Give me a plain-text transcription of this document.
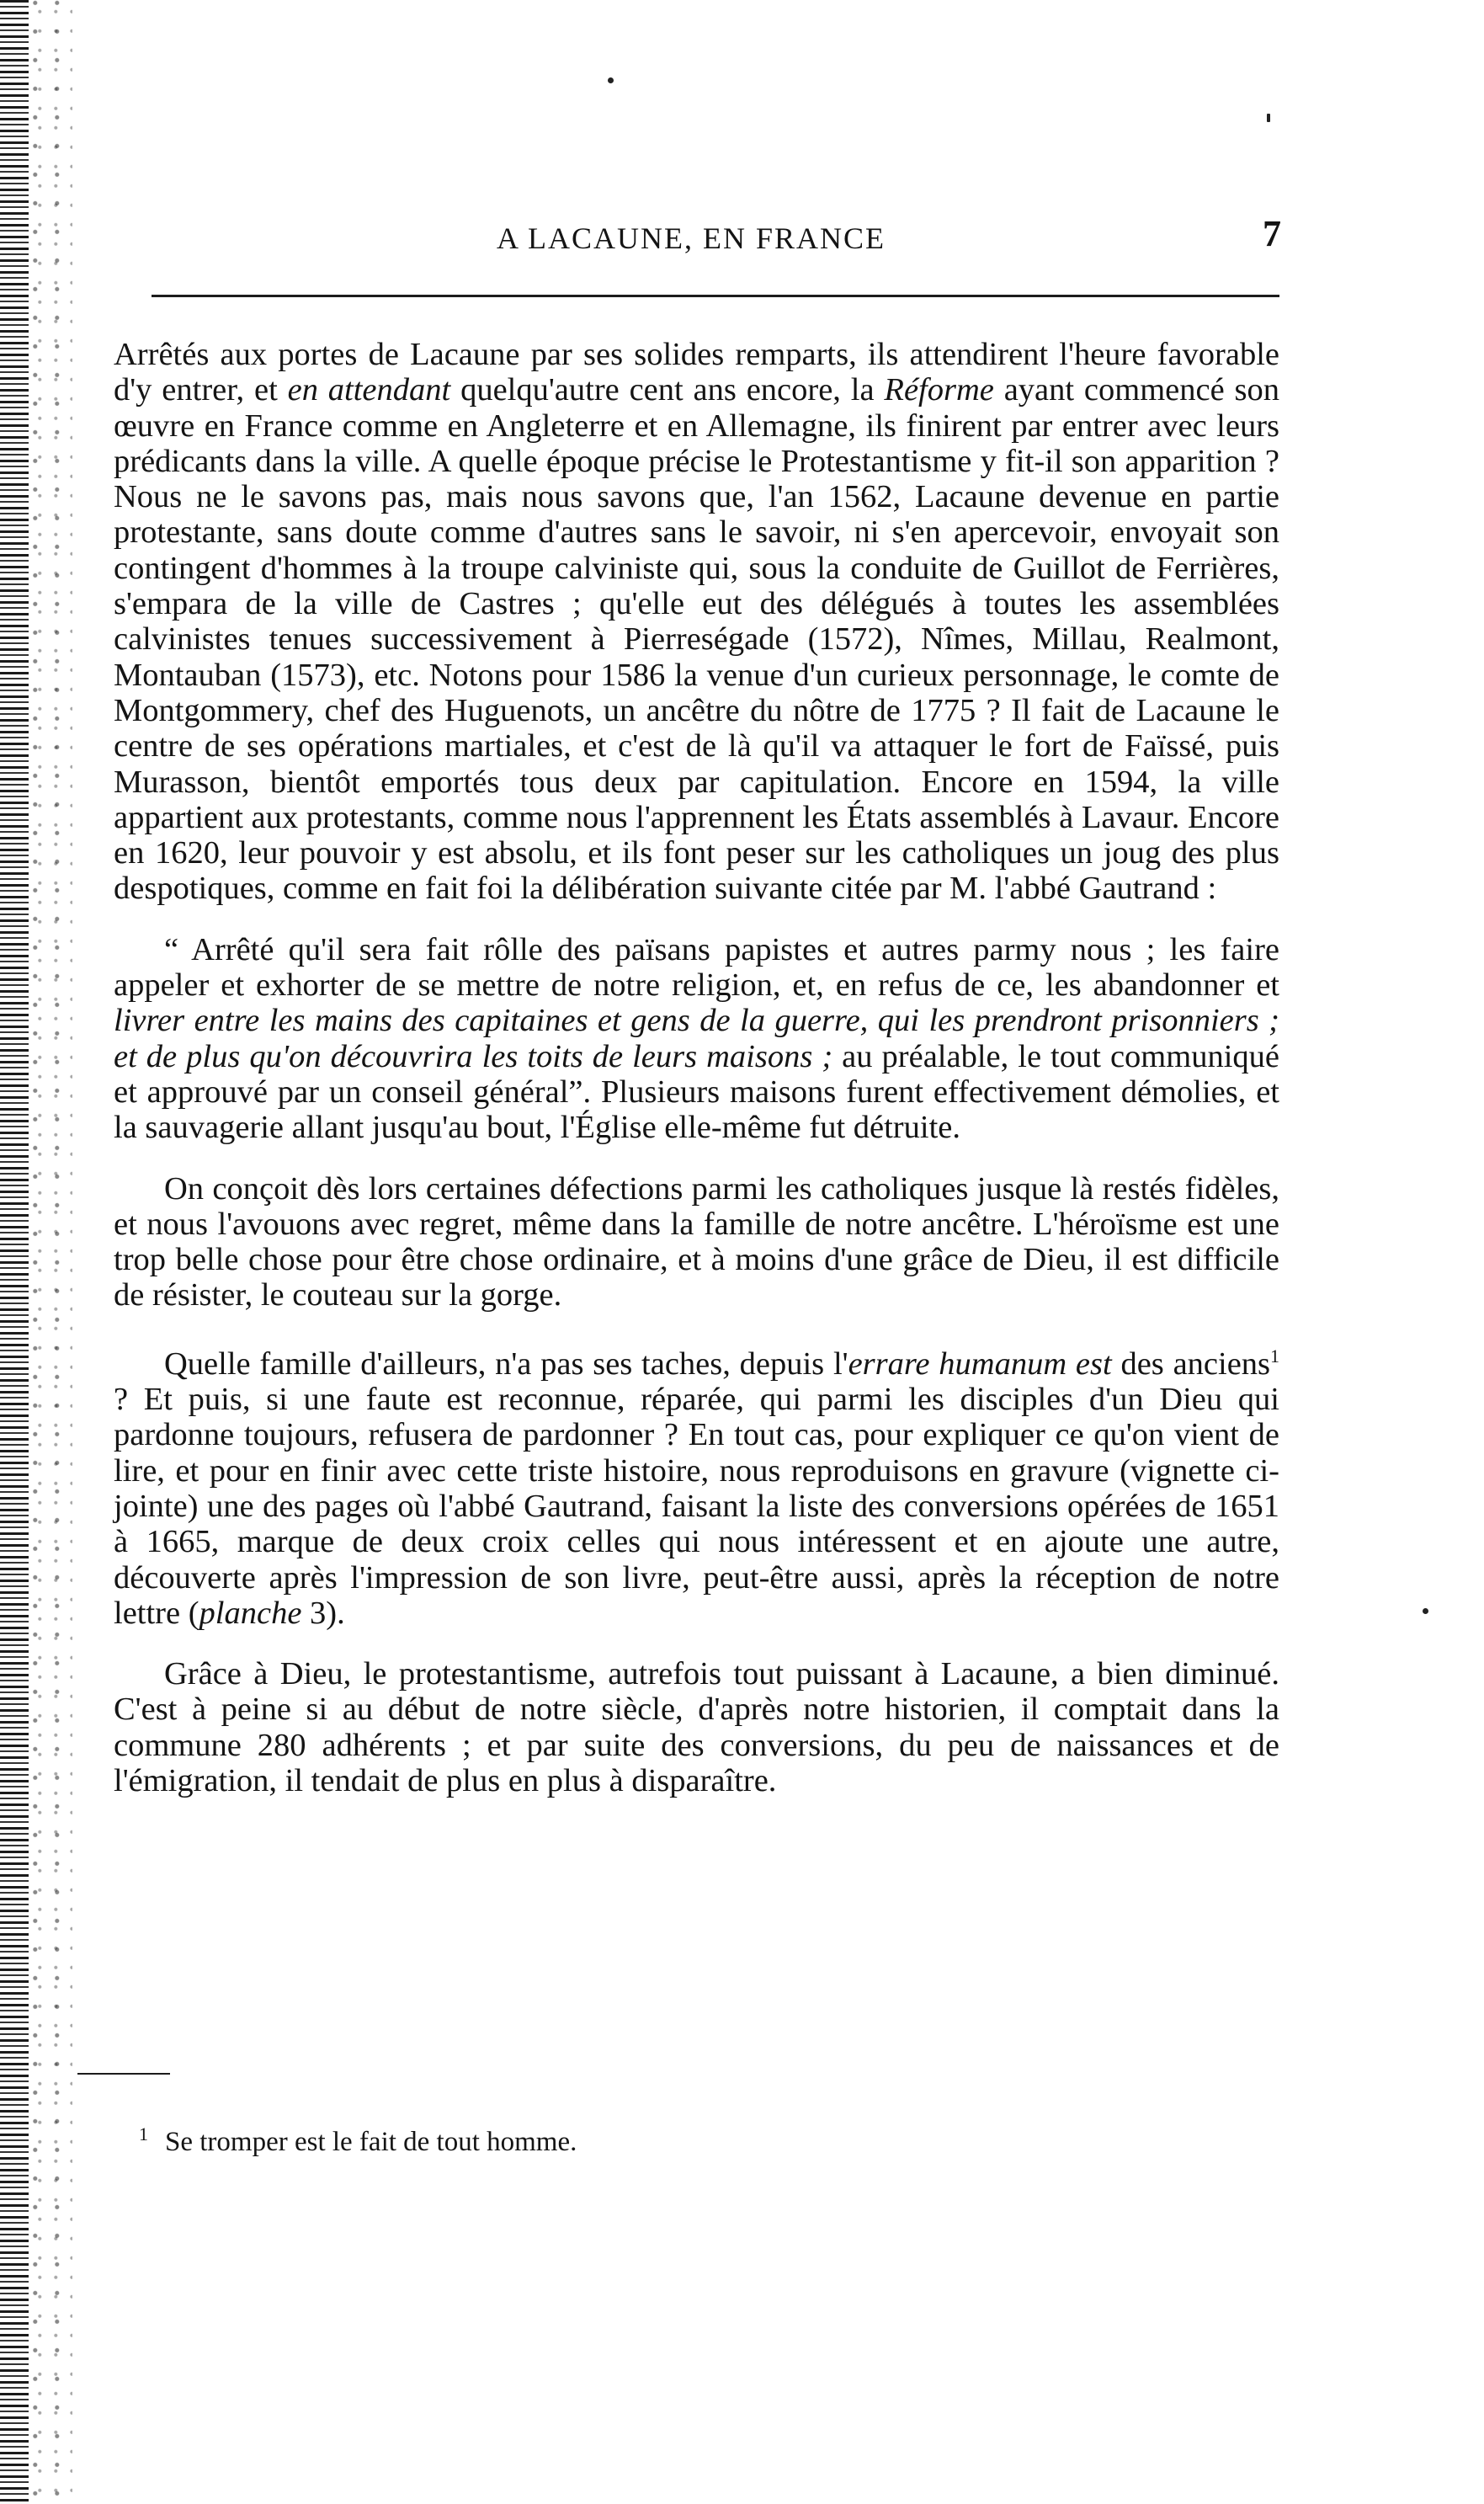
A LACAUNE, EN FRANCE	7

Arrêtés aux portes de Lacaune par ses solides remparts, ils attendirent l'heure favorable d'y entrer, et en attendant quelqu'autre cent ans encore, la Réforme ayant commencé son œuvre en France comme en Angleterre et en Allemagne, ils finirent par entrer avec leurs prédicants dans la ville. A quelle époque précise le Protestantisme y fit-il son apparition ? Nous ne le savons pas, mais nous savons que, l'an 1562, Lacaune devenue en partie protestante, sans doute comme d'autres sans le savoir, ni s'en apercevoir, envoyait son contingent d'hommes à la troupe calviniste qui, sous la conduite de Guillot de Ferrières, s'empara de la ville de Castres ; qu'elle eut des délégués à toutes les assemblées calvinistes tenues successivement à Pierreségade (1572), Nîmes, Millau, Realmont, Montauban (1573), etc. Notons pour 1586 la venue d'un curieux personnage, le comte de Montgommery, chef des Huguenots, un ancêtre du nôtre de 1775 ? Il fait de Lacaune le centre de ses opérations martiales, et c'est de là qu'il va attaquer le fort de Faïssé, puis Murasson, bientôt emportés tous deux par capitulation. Encore en 1594, la ville appartient aux protestants, comme nous l'apprennent les États assemblés à Lavaur. Encore en 1620, leur pouvoir y est absolu, et ils font peser sur les catholiques un joug des plus despotiques, comme en fait foi la délibération suivante citée par M. l'abbé Gautrand :

“ Arrêté qu'il sera fait rôlle des païsans papistes et autres parmy nous ; les faire appeler et exhorter de se mettre de notre religion, et, en refus de ce, les abandonner et livrer entre les mains des capitaines et gens de la guerre, qui les prendront prisonniers ; et de plus qu'on découvrira les toits de leurs maisons ; au préalable, le tout communiqué et approuvé par un conseil général”. Plusieurs maisons furent effectivement démolies, et la sauvagerie allant jusqu'au bout, l'Église elle-même fut détruite.

On conçoit dès lors certaines défections parmi les catholiques jusque là restés fidèles, et nous l'avouons avec regret, même dans la famille de notre ancêtre. L'héroïsme est une trop belle chose pour être chose ordinaire, et à moins d'une grâce de Dieu, il est difficile de résister, le couteau sur la gorge.

Quelle famille d'ailleurs, n'a pas ses taches, depuis l'errare humanum est des anciens$^1$ ? Et puis, si une faute est reconnue, réparée, qui parmi les disciples d'un Dieu qui pardonne toujours, refusera de pardonner ? En tout cas, pour expliquer ce qu'on vient de lire, et pour en finir avec cette triste histoire, nous reproduisons en gravure (vignette ci-jointe) une des pages où l'abbé Gautrand, faisant la liste des conversions opérées de 1651 à 1665, marque de deux croix celles qui nous intéressent et en ajoute une autre, découverte après l'impression de son livre, peut-être aussi, après la réception de notre lettre (planche 3).

Grâce à Dieu, le protestantisme, autrefois tout puissant à Lacaune, a bien diminué. C'est à peine si au début de notre siècle, d'après notre historien, il comptait dans la commune 280 adhérents ; et par suite des conversions, du peu de naissances et de l'émigration, il tendait de plus en plus à disparaître.

$^1$ Se tromper est le fait de tout homme.
